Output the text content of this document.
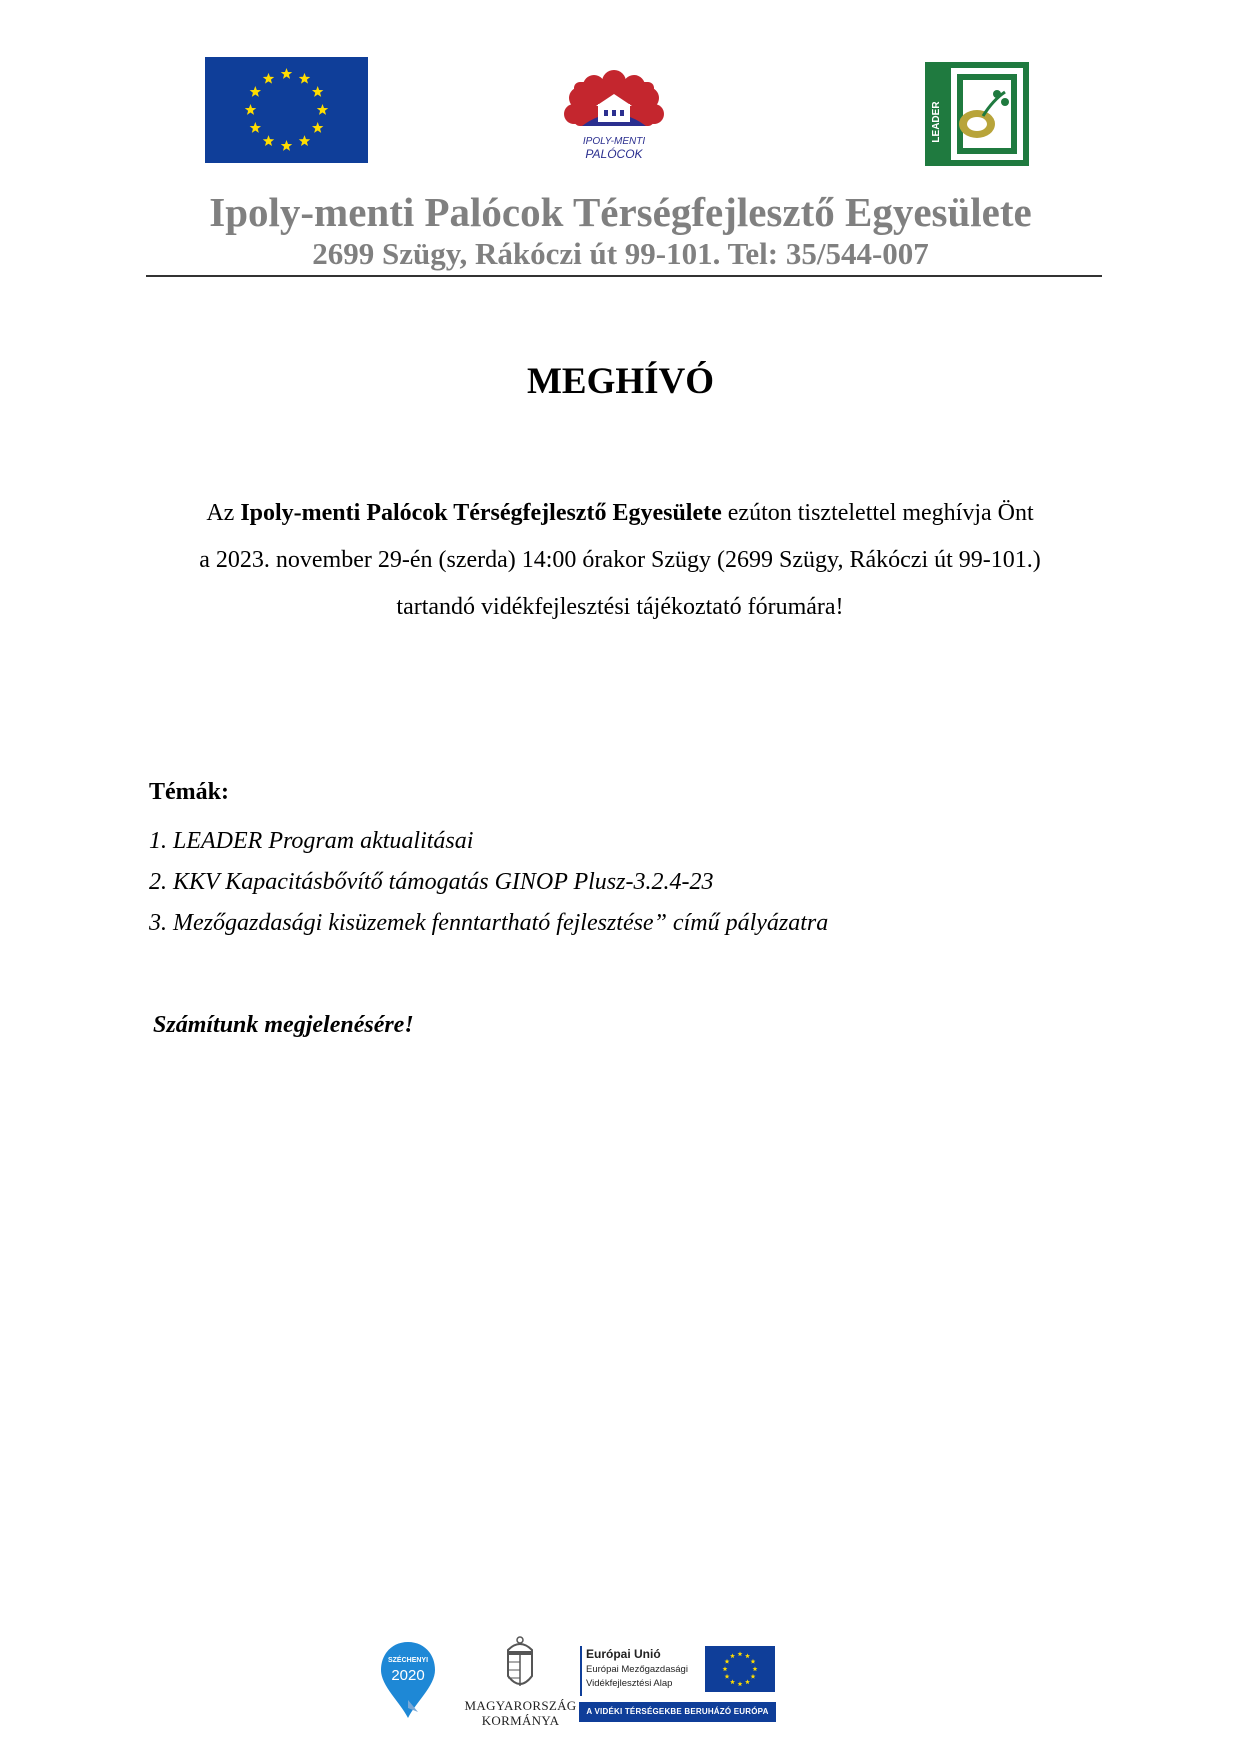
IPOLY-MENTI
PALÓCOK
LEADER
Ipoly-menti Palócok Térségfejlesztő Egyesülete
2699 Szügy, Rákóczi út 99-101. Tel: 35/544-007
MEGHÍVÓ
Az Ipoly-menti Palócok Térségfejlesztő Egyesülete ezúton tisztelettel meghívja Önt
a 2023. november 29-én (szerda) 14:00 órakor Szügy (2699 Szügy, Rákóczi út 99-101.)
tartandó vidékfejlesztési tájékoztató fórumára!
Témák:
1. LEADER Program aktualitásai
2. KKV Kapacitásbővítő támogatás GINOP Plusz-3.2.4-23
3. Mezőgazdasági kisüzemek fenntartható fejlesztése” című pályázatra
Számítunk megjelenésére!
SZÉCHENYI
2020
MAGYARORSZÁG
KORMÁNYA
Európai Unió
Európai Mezőgazdasági
Vidékfejlesztési Alap
A VIDÉKI TÉRSÉGEKBE BERUHÁZÓ EURÓPA
